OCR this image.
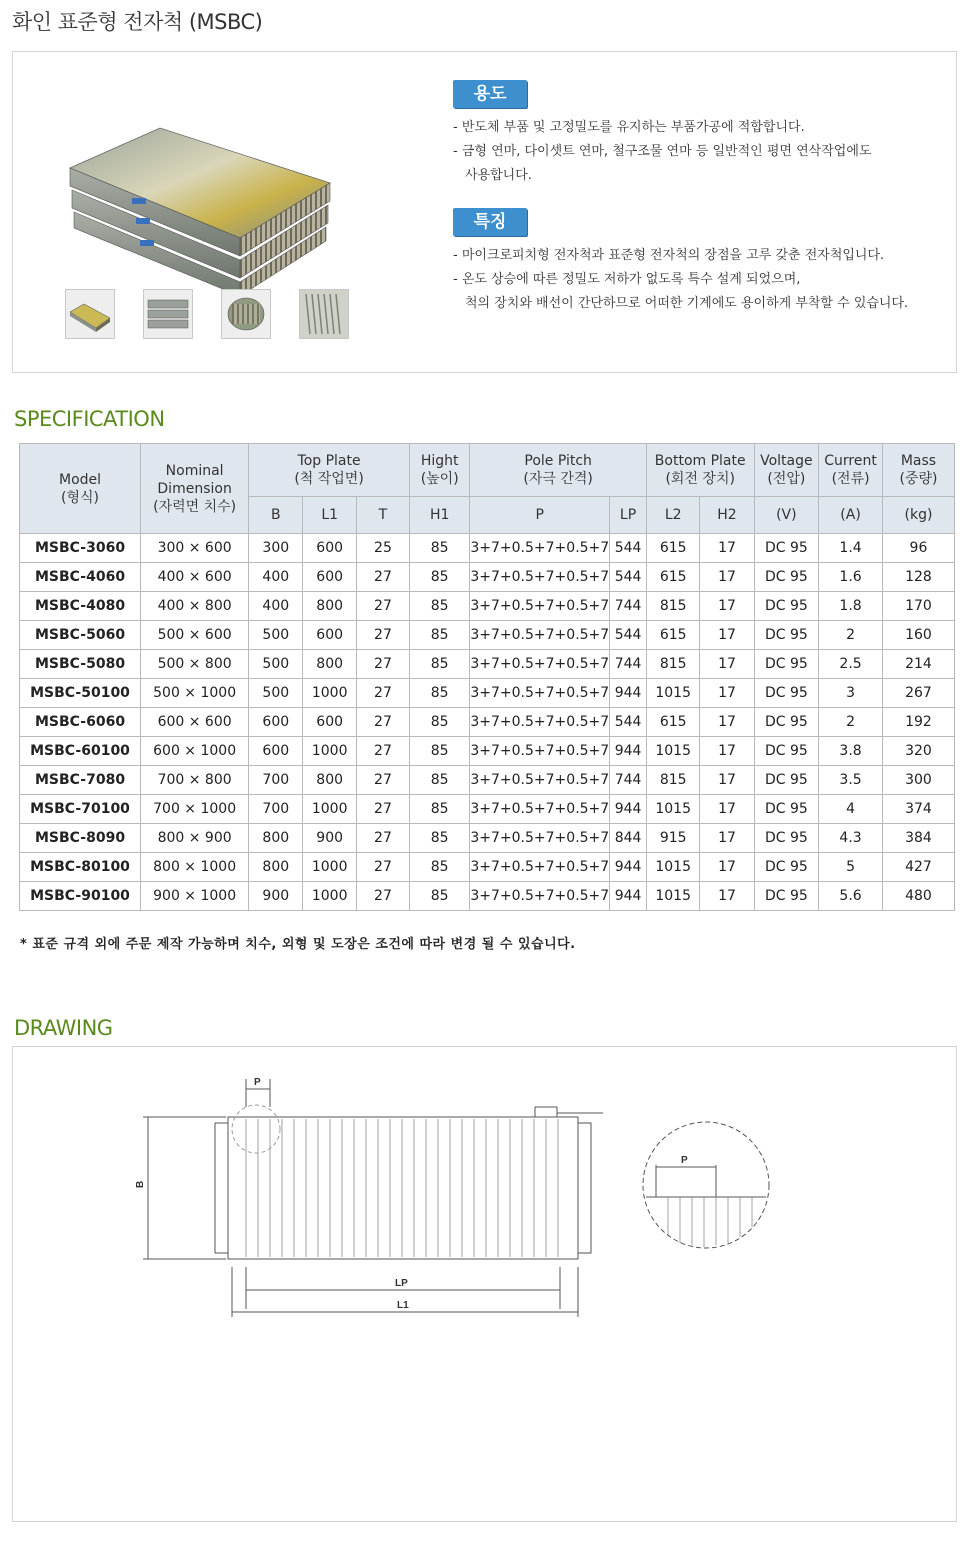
화인 표준형 전자척 (MSBC)
용도
- 반도체 부품 및 고정밀도를 유지하는 부품가공에 적합합니다.
- 금형 연마, 다이셋트 연마, 철구조물 연마 등 일반적인 평면 연삭작업에도
사용합니다.
특징
- 마이크로피치형 전자척과 표준형 전자척의 장점을 고루 갖춘 전자척입니다.
- 온도 상승에 따른 정밀도 저하가 없도록 특수 설계 되었으며,
척의 장치와 배선이 간단하므로 어떠한 기계에도 용이하게 부착할 수 있습니다.
SPECIFICATION
Model
(형식)	Nominal
Dimension
(자력면 치수)	Top Plate
(척 작업면)			Hight
(높이)	Pole Pitch
(자극 간격)		Bottom Plate
(회전 장치)		Voltage
(전압)	Current
(전류)	Mass
(중량)
		B	L1	T	H1	P	LP	L2	H2	(V)	(A)	(kg)
MSBC-3060	300 × 600	300	600	25	85	3+7+0.5+7+0.5+7	544	615	17	DC 95	1.4	96
MSBC-4060	400 × 600	400	600	27	85	3+7+0.5+7+0.5+7	544	615	17	DC 95	1.6	128
MSBC-4080	400 × 800	400	800	27	85	3+7+0.5+7+0.5+7	744	815	17	DC 95	1.8	170
MSBC-5060	500 × 600	500	600	27	85	3+7+0.5+7+0.5+7	544	615	17	DC 95	2	160
MSBC-5080	500 × 800	500	800	27	85	3+7+0.5+7+0.5+7	744	815	17	DC 95	2.5	214
MSBC-50100	500 × 1000	500	1000	27	85	3+7+0.5+7+0.5+7	944	1015	17	DC 95	3	267
MSBC-6060	600 × 600	600	600	27	85	3+7+0.5+7+0.5+7	544	615	17	DC 95	2	192
MSBC-60100	600 × 1000	600	1000	27	85	3+7+0.5+7+0.5+7	944	1015	17	DC 95	3.8	320
MSBC-7080	700 × 800	700	800	27	85	3+7+0.5+7+0.5+7	744	815	17	DC 95	3.5	300
MSBC-70100	700 × 1000	700	1000	27	85	3+7+0.5+7+0.5+7	944	1015	17	DC 95	4	374
MSBC-8090	800 × 900	800	900	27	85	3+7+0.5+7+0.5+7	844	915	17	DC 95	4.3	384
MSBC-80100	800 × 1000	800	1000	27	85	3+7+0.5+7+0.5+7	944	1015	17	DC 95	5	427
MSBC-90100	900 × 1000	900	1000	27	85	3+7+0.5+7+0.5+7	944	1015	17	DC 95	5.6	480
* 표준 규격 외에 주문 제작 가능하며 치수, 외형 및 도장은 조건에 따라 변경 될 수 있습니다.
DRAWING
P
B
LP
L1
P
